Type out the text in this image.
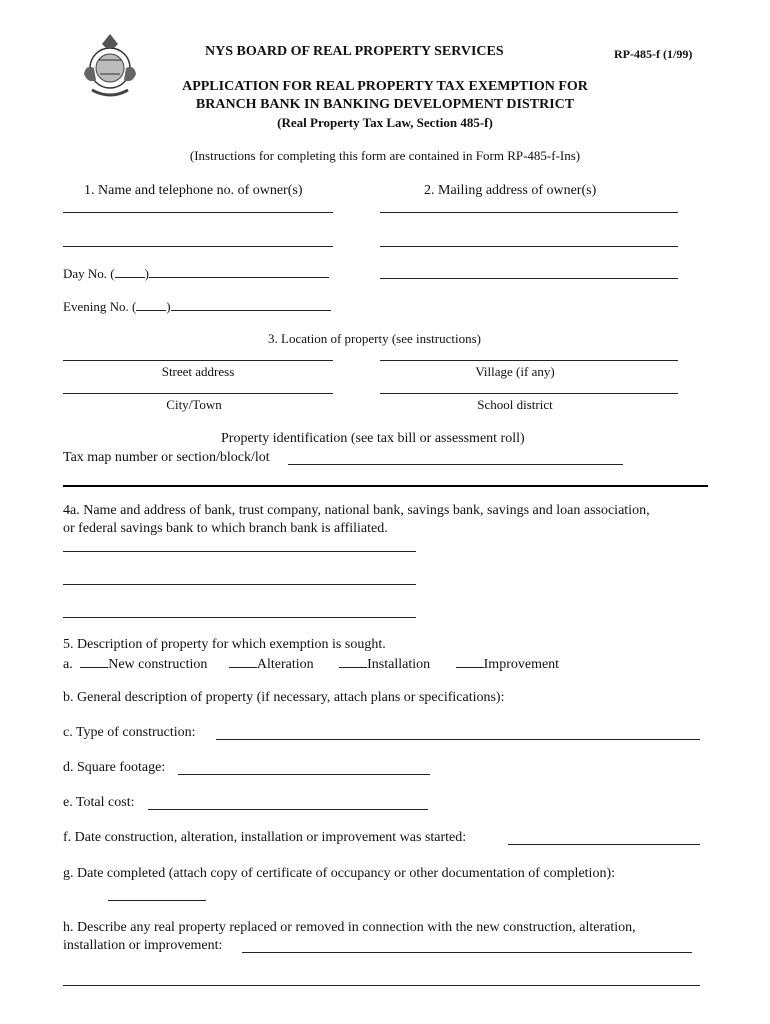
NYS BOARD OF REAL PROPERTY SERVICES	RP-485-f (1/99)
APPLICATION FOR REAL PROPERTY TAX EXEMPTION FOR
BRANCH BANK IN BANKING DEVELOPMENT DISTRICT
(Real Property Tax Law, Section 485-f)
(Instructions for completing this form are contained in Form RP-485-f-Ins)
1. Name and telephone no. of owner(s)	2. Mailing address of owner(s)
Day No. ( )
Evening No. ( )
3. Location of property (see instructions)
Street address	Village (if any)
City/Town	School district
Property identification (see tax bill or assessment roll)
Tax map number or section/block/lot
4a. Name and address of bank, trust company, national bank, savings bank, savings and loan association,
or federal savings bank to which branch bank is affiliated.
5. Description of property for which exemption is sought.
a.	New construction	Alteration	Installation	Improvement
b. General description of property (if necessary, attach plans or specifications):
c. Type of construction:
d. Square footage:
e. Total cost:
f. Date construction, alteration, installation or improvement was started:
g. Date completed (attach copy of certificate of occupancy or other documentation of completion):
h. Describe any real property replaced or removed in connection with the new construction, alteration,
installation or improvement:
